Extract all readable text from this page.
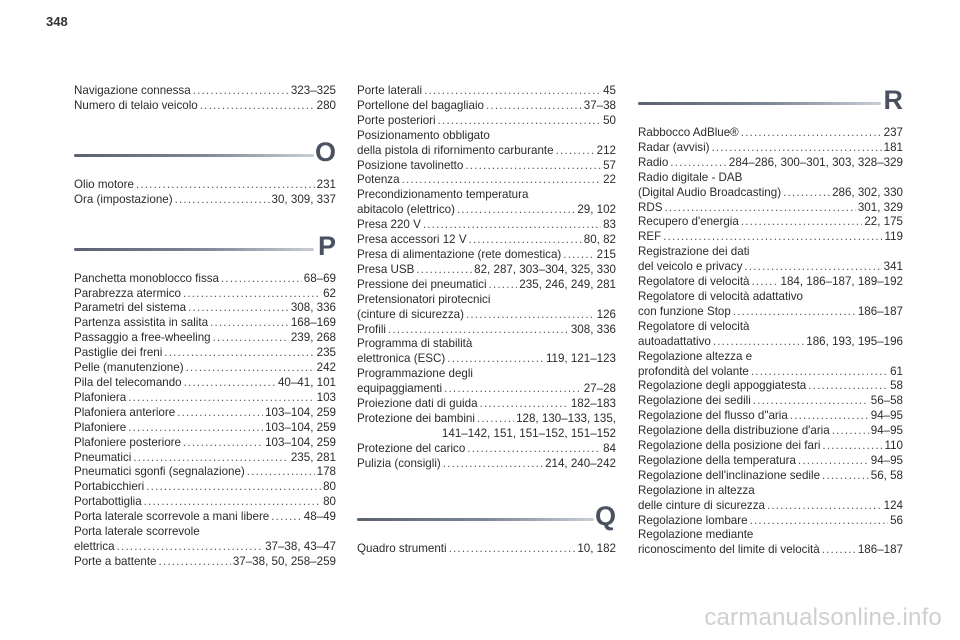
348
Navigazione connessa .....	323–325
Numero di telaio veicolo .....	280
O
Olio motore .....	231
Ora (impostazione) .....	30, 309, 337
P
Panchetta monoblocco fissa .....	68–69
Parabrezza atermico .....	62
Parametri del sistema .....	308, 336
Partenza assistita in salita .....	168–169
Passaggio a free-wheeling .....	239, 268
Pastiglie dei freni .....	235
Pelle (manutenzione) .....	242
Pila del telecomando .....	40–41, 101
Plafoniera .....	103
Plafoniera anteriore .....	103–104, 259
Plafoniere .....	103–104, 259
Plafoniere posteriore .....	103–104, 259
Pneumatici .....	235, 281
Pneumatici sgonfi (segnalazione) .....	178
Portabicchieri .....	80
Portabottiglia .....	80
Porta laterale scorrevole a mani libere .....	48–49
Porta laterale scorrevole
elettrica .....	37–38, 43–47
Porte a battente .....	37–38, 50, 258–259
Porte laterali .....	45
Portellone del bagagliaio .....	37–38
Porte posteriori .....	50
Posizionamento obbligato
della pistola di rifornimento carburante .....	212
Posizione tavolinetto .....	57
Potenza .....	22
Precondizionamento temperatura
abitacolo (elettrico) .....	29, 102
Presa 220 V .....	83
Presa accessori 12 V .....	80, 82
Presa di alimentazione (rete domestica) .....	215
Presa USB .....	82, 287, 303–304, 325, 330
Pressione dei pneumatici .....	235, 246, 249, 281
Pretensionatori pirotecnici
(cinture di sicurezza) .....	126
Profili .....	308, 336
Programma di stabilità
elettronica (ESC) .....	119, 121–123
Programmazione degli
equipaggiamenti .....	27–28
Proiezione dati di guida .....	182–183
Protezione dei bambini .....	128, 130–133, 135,
141–142, 151, 151–152, 151–152
Protezione del carico .....	84
Pulizia (consigli) .....	214, 240–242
Q
Quadro strumenti .....	10, 182
R
Rabbocco AdBlue® .....	237
Radar (avvisi) .....	181
Radio .....	284–286, 300–301, 303, 328–329
Radio digitale - DAB
(Digital Audio Broadcasting) .....	286, 302, 330
RDS .....	301, 329
Recupero d'energia .....	22, 175
REF .....	119
Registrazione dei dati
del veicolo e privacy .....	341
Regolatore di velocità .....	184, 186–187, 189–192
Regolatore di velocità adattativo
con funzione Stop .....	186–187
Regolatore di velocità
autoadattativo .....	186, 193, 195–196
Regolazione altezza e
profondità del volante .....	61
Regolazione degli appoggiatesta .....	58
Regolazione dei sedili .....	56–58
Regolazione del flusso d"aria .....	94–95
Regolazione della distribuzione d'aria .....	94–95
Regolazione della posizione dei fari .....	110
Regolazione della temperatura .....	94–95
Regolazione dell'inclinazione sedile .....	56, 58
Regolazione in altezza
delle cinture di sicurezza .....	124
Regolazione lombare .....	56
Regolazione mediante
riconoscimento del limite di velocità .....	186–187
carmanualsonline.info
